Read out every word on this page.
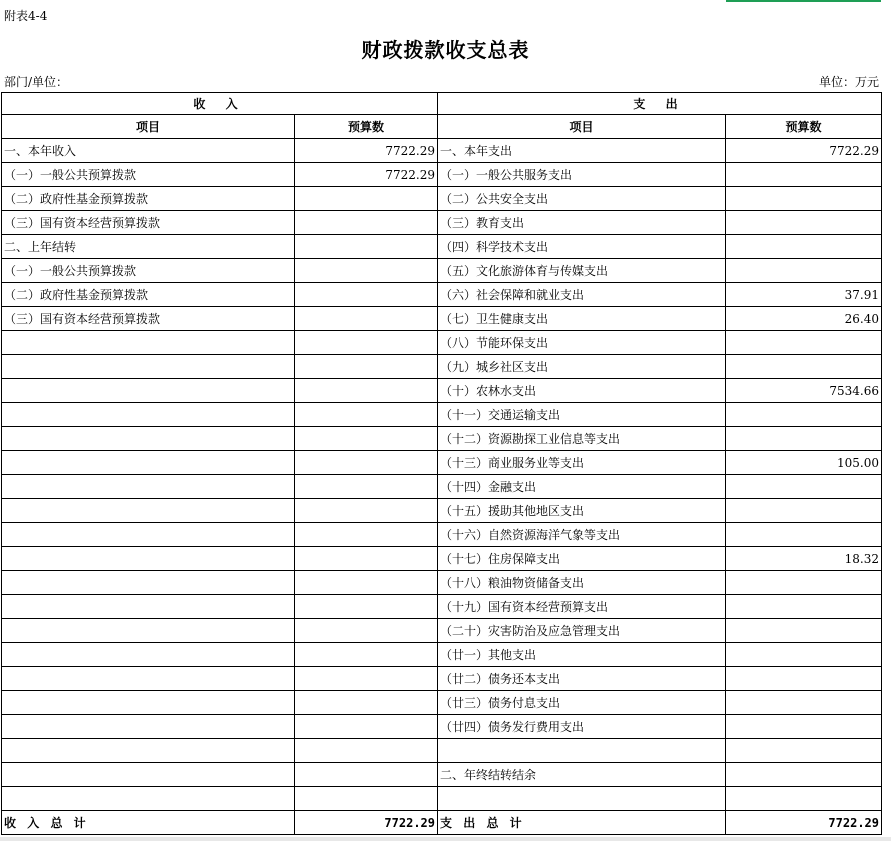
附表4-4
财政拨款收支总表
部门/单位：	单位：万元
收 入		支 出	
项目	预算数	项目	预算数
一、本年收入	7722.29	一、本年支出	7722.29
（一）一般公共预算拨款	7722.29	（一）一般公共服务支出	
（二）政府性基金预算拨款		（二）公共安全支出	
（三）国有资本经营预算拨款		（三）教育支出	
二、上年结转		（四）科学技术支出	
（一）一般公共预算拨款		（五）文化旅游体育与传媒支出	
（二）政府性基金预算拨款		（六）社会保障和就业支出	37.91
（三）国有资本经营预算拨款		（七）卫生健康支出	26.40
		（八）节能环保支出	
		（九）城乡社区支出	
		（十）农林水支出	7534.66
		（十一）交通运输支出	
		（十二）资源勘探工业信息等支出	
		（十三）商业服务业等支出	105.00
		（十四）金融支出	
		（十五）援助其他地区支出	
		（十六）自然资源海洋气象等支出	
		（十七）住房保障支出	18.32
		（十八）粮油物资储备支出	
		（十九）国有资本经营预算支出	
		（二十）灾害防治及应急管理支出	
		（廿一）其他支出	
		（廿二）债务还本支出	
		（廿三）债务付息支出	
		（廿四）债务发行费用支出	

		二、年终结转结余	

收 入 总 计	7722.29	支 出 总 计	7722.29
